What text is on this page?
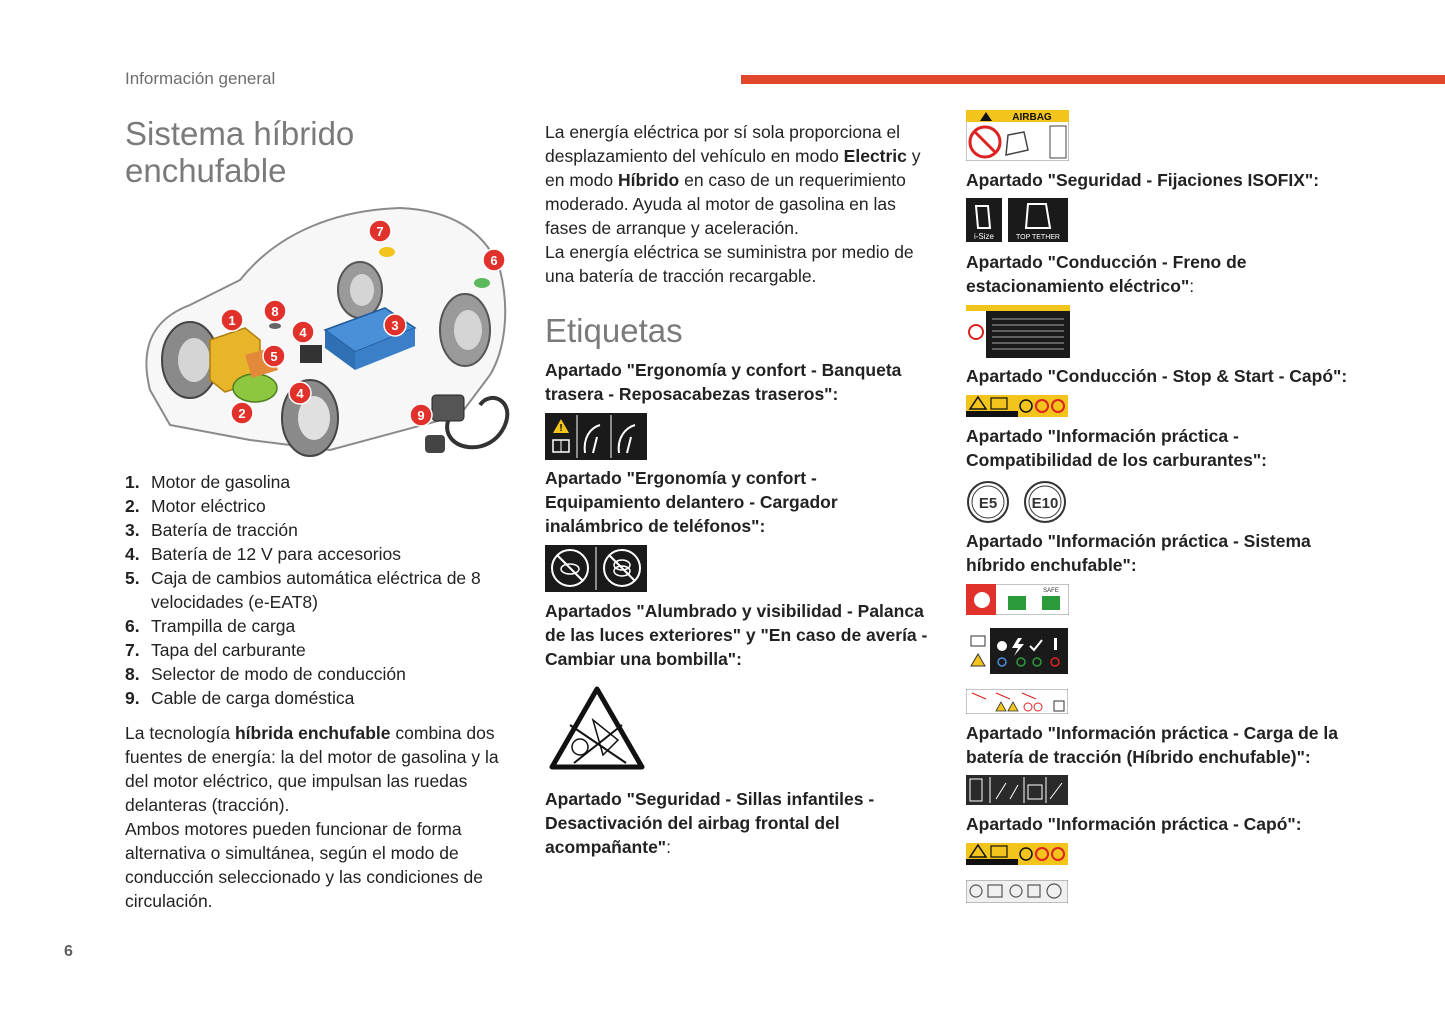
Información general
Sistema híbrido enchufable
1
2
3
4
4
5
6
7
8
9
1. Motor de gasolina
2. Motor eléctrico
3. Batería de tracción
4. Batería de 12 V para accesorios
5. Caja de cambios automática eléctrica de 8 velocidades (e-EAT8)
6. Trampilla de carga
7. Tapa del carburante
8. Selector de modo de conducción
9. Cable de carga doméstica
La tecnología híbrida enchufable combina dos fuentes de energía: la del motor de gasolina y la del motor eléctrico, que impulsan las ruedas delanteras (tracción).
Ambos motores pueden funcionar de forma alternativa o simultánea, según el modo de conducción seleccionado y las condiciones de circulación.
6
La energía eléctrica por sí sola proporciona el desplazamiento del vehículo en modo Electric y en modo Híbrido en caso de un requerimiento moderado. Ayuda al motor de gasolina en las fases de arranque y aceleración.
La energía eléctrica se suministra por medio de una batería de tracción recargable.
Etiquetas
Apartado "Ergonomía y confort - Banqueta trasera - Reposacabezas traseros":
!
Apartado "Ergonomía y confort - Equipamiento delantero - Cargador inalámbrico de teléfonos":
Apartados "Alumbrado y visibilidad - Palanca de las luces exteriores" y "En caso de avería - Cambiar una bombilla":
Apartado "Seguridad - Sillas infantiles - Desactivación del airbag frontal del acompañante":
AIRBAG
Apartado "Seguridad - Fijaciones ISOFIX":
i-Size	TOP TETHER
Apartado "Conducción - Freno de estacionamiento eléctrico":
Apartado "Conducción - Stop & Start - Capó":
Apartado "Información práctica - Compatibilidad de los carburantes":
E5 E10
Apartado "Información práctica - Sistema híbrido enchufable":
SAFE
Apartado "Información práctica - Carga de la batería de tracción (Híbrido enchufable)":
Apartado "Información práctica - Capó":
